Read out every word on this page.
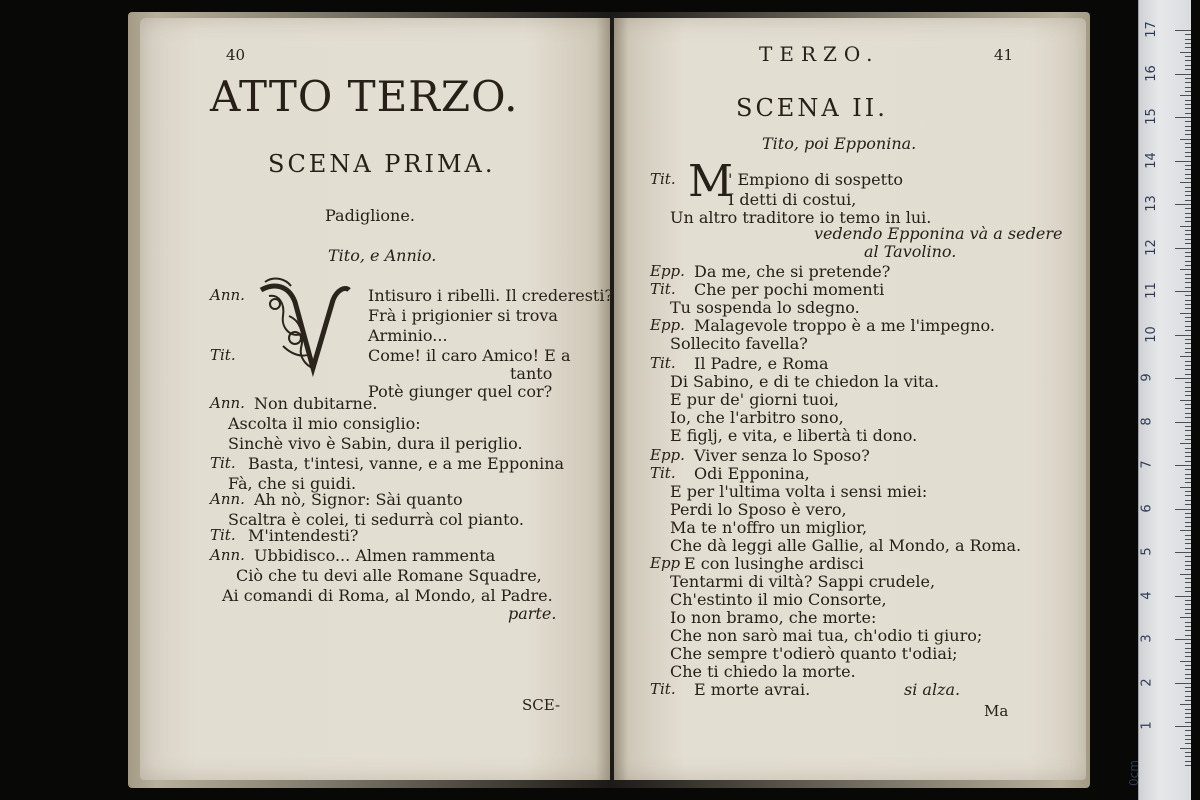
40
ATTO TERZO.
SCENA PRIMA.
Padiglione.
Tito, e Annio.
Ann.	Intisuro i ribelli. Il crederesti?
Frà i prigionier si trova
Arminio...
Tit.	Come! il caro Amico! E a
tanto
Potè giunger quel cor?
Ann. Non dubitarne.
Ascolta il mio consiglio:
Sinchè vivo è Sabin, dura il periglio.
Tit. Basta, t'intesi, vanne, e a me Epponina
Fà, che si guidi.
Ann. Ah nò, Signor: Sài quanto
Scaltra è colei, ti sedurrà col pianto.
Tit. M'intendesti?
Ann. Ubbidisco... Almen rammenta
Ciò che tu devi alle Romane Squadre,
Ai comandi di Roma, al Mondo, al Padre.
parte.
SCE-
TERZO.	41
SCENA II.
Tito, poi Epponina.
M
Tit.	' Empiono di sospetto
I detti di costui,
Un altro traditore io temo in lui.
vedendo Epponina và a sedere
al Tavolino.
Epp. Da me, che si pretende?
Tit. Che per pochi momenti
Tu sospenda lo sdegno.
Epp. Malagevole troppo è a me l'impegno.
Sollecito favella?
Tit. Il Padre, e Roma
Di Sabino, e di te chiedon la vita.
E pur de' giorni tuoi,
Io, che l'arbitro sono,
E figlj, e vita, e libertà ti dono.
Epp. Viver senza lo Sposo?
Tit. Odi Epponina,
E per l'ultima volta i sensi miei:
Perdi lo Sposo è vero,
Ma te n'offro un miglior,
Che dà leggi alle Gallie, al Mondo, a Roma.
Epp E con lusinghe ardisci
Tentarmi di viltà? Sappi crudele,
Ch'estinto il mio Consorte,
Io non bramo, che morte:
Che non sarò mai tua, ch'odio ti giuro;
Che sempre t'odierò quanto t'odiai;
Che ti chiedo la morte.
Tit. E morte avrai.	si alza.
Ma
17
16
15
14
13
12
11
10
9
8
7
6
5
4
3
2
1
0cm
